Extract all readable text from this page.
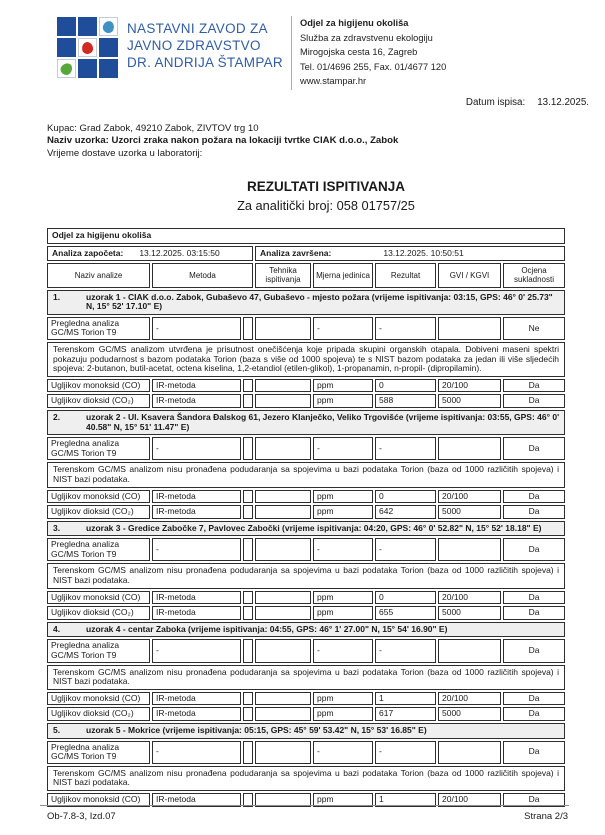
NASTAVNI ZAVOD ZA
JAVNO ZDRAVSTVO
DR. ANDRIJA ŠTAMPAR
Odjel za higijenu okoliša
Služba za zdravstvenu ekologiju
Mirogojska cesta 16, Zagreb
Tel. 01/4696 255, Fax. 01/4677 120
www.stampar.hr
Datum ispisa: 13.12.2025.
Kupac: Grad Zabok, 49210 Zabok, ZIVTOV trg 10
Naziv uzorka: Uzorci zraka nakon požara na lokaciji tvrtke CIAK d.o.o., Zabok
Vrijeme dostave uzorka u laboratorij:
REZULTATI ISPITIVANJA
Za analitički broj: 058 01757/25
Odjel za higijenu okoliša							
Analiza započeta: 13.12.2025. 03:15:50			Analiza završena: 13.12.2025. 10:50:51				
Naziv analize	Metoda		Tehnika ispitivanja	Mjerna jedinica	Rezultat	GVI / KGVI	Ocjena sukladnosti

1. uzorak 1 - CIAK d.o.o. Zabok, Gubaševo 47, Gubaševo - mjesto požara (vrijeme ispitivanja: 03:15, GPS: 46° 0' 25.73" N, 15° 52' 17.10" E)							
Pregledna analiza GC/MS Torion T9	-			-	-		Ne
Terenskom GC/MS analizom utvrđena je prisutnost onečišćenja koje pripada skupini organskih otapala. Dobiveni maseni spektri pokazuju podudarnost s bazom podataka Torion (baza s više od 1000 spojeva) te s NIST bazom podataka za jedan ili više sljedećih spojeva: 2-butanon, butil-acetat, octena kiselina, 1,2-etandiol (etilen-glikol), 1-propanamin, n-propil- (dipropilamin).							
Ugljikov monoksid (CO)	IR-metoda			ppm	0	20/100	Da
Ugljikov dioksid (CO₂)	IR-metoda			ppm	588	5000	Da

2. uzorak 2 - Ul. Ksavera Šandora Đalskog 61, Jezero Klanječko, Veliko Trgovišće (vrijeme ispitivanja: 03:55, GPS: 46° 0' 40.58" N, 15° 51' 11.47" E)							
Pregledna analiza GC/MS Torion T9	-			-	-		Da
Terenskom GC/MS analizom nisu pronađena podudaranja sa spojevima u bazi podataka Torion (baza od 1000 različitih spojeva) i NIST bazi podataka.							
Ugljikov monoksid (CO)	IR-metoda			ppm	0	20/100	Da
Ugljikov dioksid (CO₂)	IR-metoda			ppm	642	5000	Da

3. uzorak 3 - Gredice Zabočke 7, Pavlovec Zabočki (vrijeme ispitivanja: 04:20, GPS: 46° 0' 52.82" N, 15° 52' 18.18" E)							
Pregledna analiza GC/MS Torion T9	-			-	-		Da
Terenskom GC/MS analizom nisu pronađena podudaranja sa spojevima u bazi podataka Torion (baza od 1000 različitih spojeva) i NIST bazi podataka.							
Ugljikov monoksid (CO)	IR-metoda			ppm	0	20/100	Da
Ugljikov dioksid (CO₂)	IR-metoda			ppm	655	5000	Da

4. uzorak 4 - centar Zaboka (vrijeme ispitivanja: 04:55, GPS: 46° 1' 27.00" N, 15° 54' 16.90" E)							
Pregledna analiza GC/MS Torion T9	-			-	-		Da
Terenskom GC/MS analizom nisu pronađena podudaranja sa spojevima u bazi podataka Torion (baza od 1000 različitih spojeva) i NIST bazi podataka.							
Ugljikov monoksid (CO)	IR-metoda			ppm	1	20/100	Da
Ugljikov dioksid (CO₂)	IR-metoda			ppm	617	5000	Da

5. uzorak 5 - Mokrice (vrijeme ispitivanja: 05:15, GPS: 45° 59' 53.42" N, 15° 53' 16.85" E)							
Pregledna analiza GC/MS Torion T9	-			-	-		Da
Terenskom GC/MS analizom nisu pronađena podudaranja sa spojevima u bazi podataka Torion (baza od 1000 različitih spojeva) i NIST bazi podataka.							
Ugljikov monoksid (CO)	IR-metoda			ppm	1	20/100	Da
Ob-7.8-3, Izd.07	Strana 2/3
